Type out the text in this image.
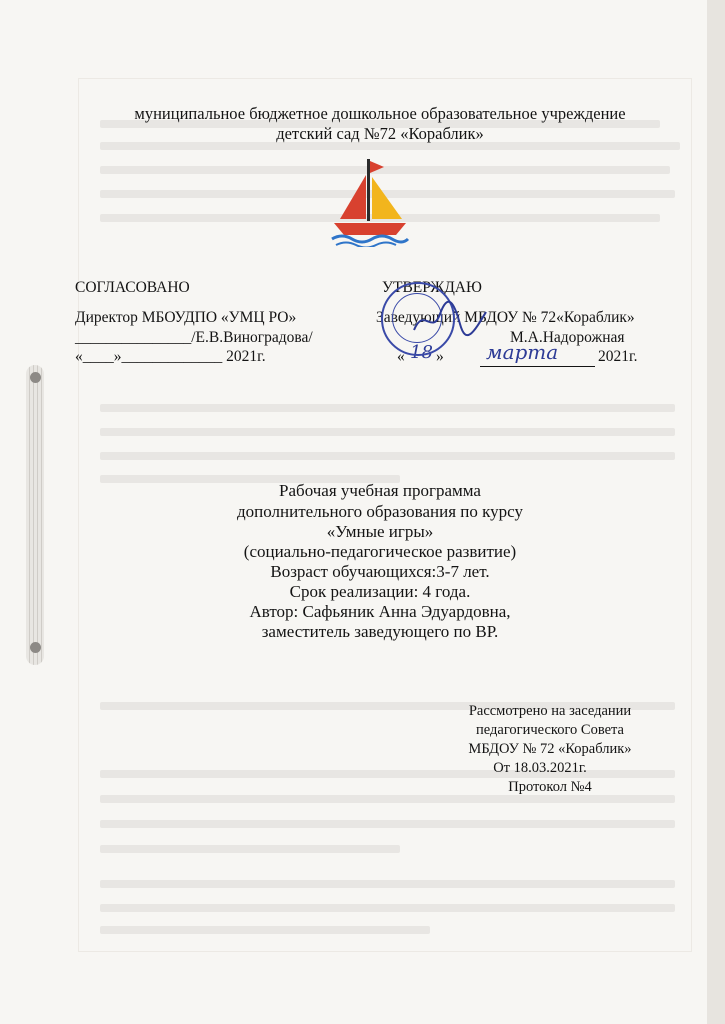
муниципальное бюджетное дошкольное образовательное учреждение
детский сад №72 «Кораблик»
СОГЛАСОВАНО	УТВЕРЖДАЮ
Директор МБОУДПО «УМЦ РО»	Заведующий МБДОУ № 72«Кораблик»
_______________/Е.В.Виноградова/	М.А.Надорожная
«____»_____________ 2021г.	« 18 » марта	2021г.
Рабочая учебная программа
дополнительного образования по курсу
«Умные игры»
(социально-педагогическое развитие)
Возраст обучающихся:3-7 лет.
Срок реализации: 4 года.
Автор: Сафьяник Анна Эдуардовна,
заместитель заведующего по ВР.
Рассмотрено на заседании
педагогического Совета
МБДОУ № 72 «Кораблик»
От 18.03.2021г.
Протокол №4
